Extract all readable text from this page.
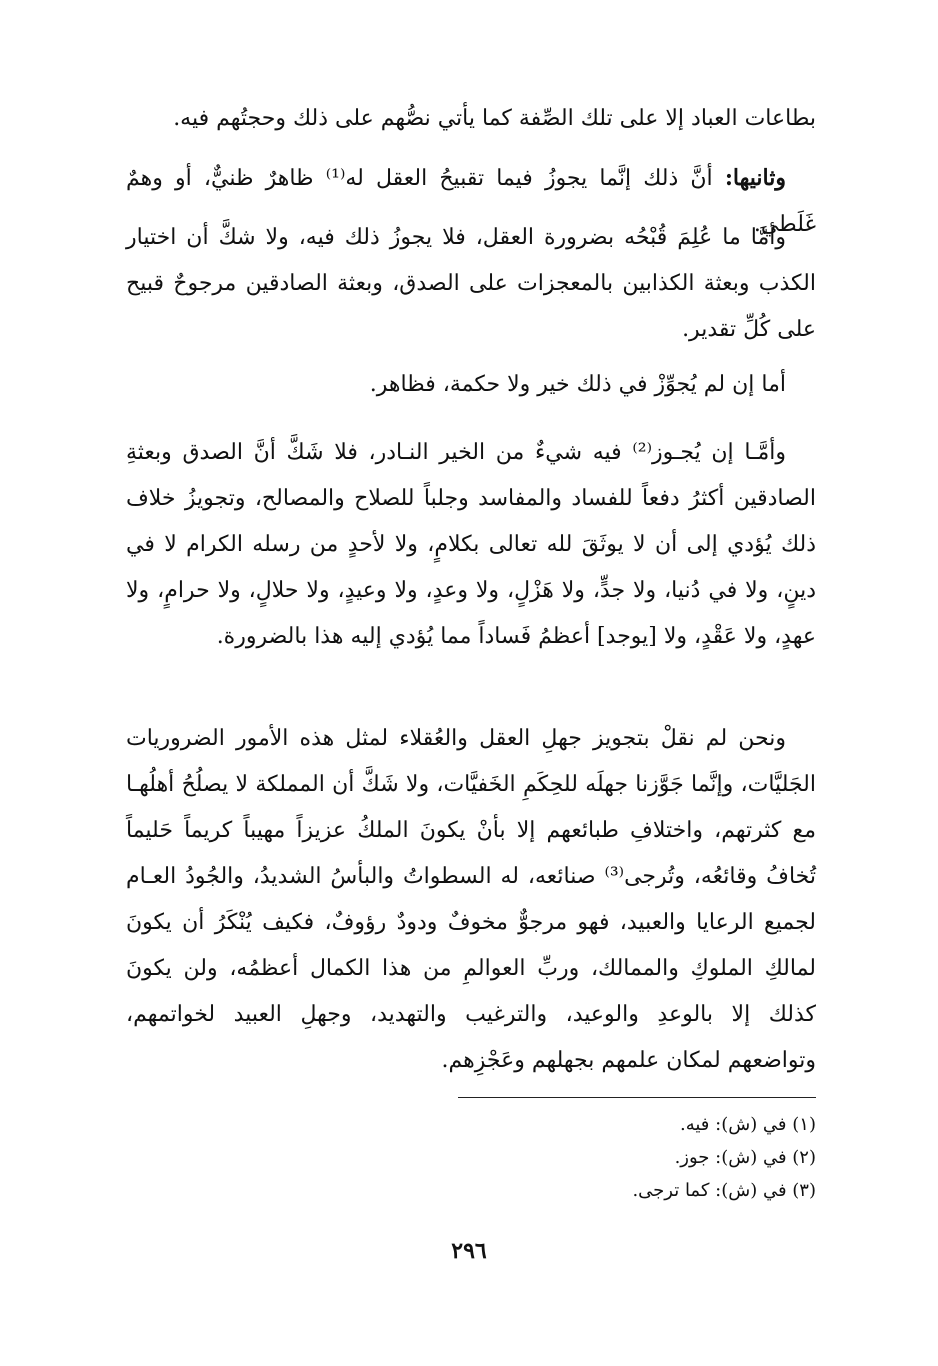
بطاعات العباد إلا على تلك الصِّفة كما يأتي نصُّهم على ذلك وحجتُهم فيه.
وثانيها: أنَّ ذلك إنَّما يجوزُ فيما تقبيحُ العقل له⁽¹⁾ ظاهرٌ ظنيٌّ، أو وهمٌ غَلَطي.
وأمَّا ما عُلِمَ قُبْحُه بضرورة العقل، فلا يجوزُ ذلك فيه، ولا شكَّ أن اختيار الكذب وبعثة الكذابين بالمعجزات على الصدق، وبعثة الصادقين مرجوحٌ قبيح على كُلِّ تقدير.
أما إن لم يُجوِّزْ في ذلك خير ولا حكمة، فظاهر.
وأمَّـا إن يُجـوز⁽²⁾ فيه شيءٌ من الخير النـادر، فلا شَكَّ أنَّ الصدق وبعثةِ الصادقين أكثرُ دفعاً للفساد والمفاسد وجلباً للصلاح والمصالح، وتجويزُ خلاف ذلك يُؤدي إلى أن لا يوثَقَ لله تعالى بكلامٍ، ولا لأحدٍ من رسله الكرام لا في دينٍ، ولا في دُنيا، ولا جدٍّ، ولا هَزْلٍ، ولا وعدٍ، ولا وعيدٍ، ولا حلالٍ، ولا حرامٍ، ولا عهدٍ، ولا عَقْدٍ، ولا [يوجد] أعظمُ فَساداً مما يُؤدي إليه هذا بالضرورة.
ونحن لم نقلْ بتجويز جهلِ العقل والعُقلاء لمثل هذه الأمور الضروريات الجَليَّات، وإنَّما جَوَّزنا جهلَه للحِكَمِ الخَفيَّات، ولا شَكَّ أن المملكة لا يصلُحُ أهلُهـا مع كثرتهم، واختلافِ طبائعهم إلا بأنْ يكونَ الملكُ عزيزاً مهيباً كريماً حَليماً تُخافُ وقائعُه، وتُرجى⁽³⁾ صنائعه، له السطواتُ والبأسُ الشديدُ، والجُودُ العـام لجميع الرعايا والعبيد، فهو مرجوٌّ مخوفٌ ودودٌ رؤوفٌ، فكيف يُنْكَرُ أن يكونَ لمالكِ الملوكِ والممالك، وربِّ العوالمِ من هذا الكمال أعظمُه، ولن يكونَ كذلك إلا بالوعدِ والوعيد، والترغيب والتهديد، وجهلِ العبيد لخواتمهم، وتواضعهم لمكان علمهم بجهلهم وعَجْزِهم.
(١) في (ش): فيه.
(٢) في (ش): جوز.
(٣) في (ش): كما ترجى.
٢٩٦
